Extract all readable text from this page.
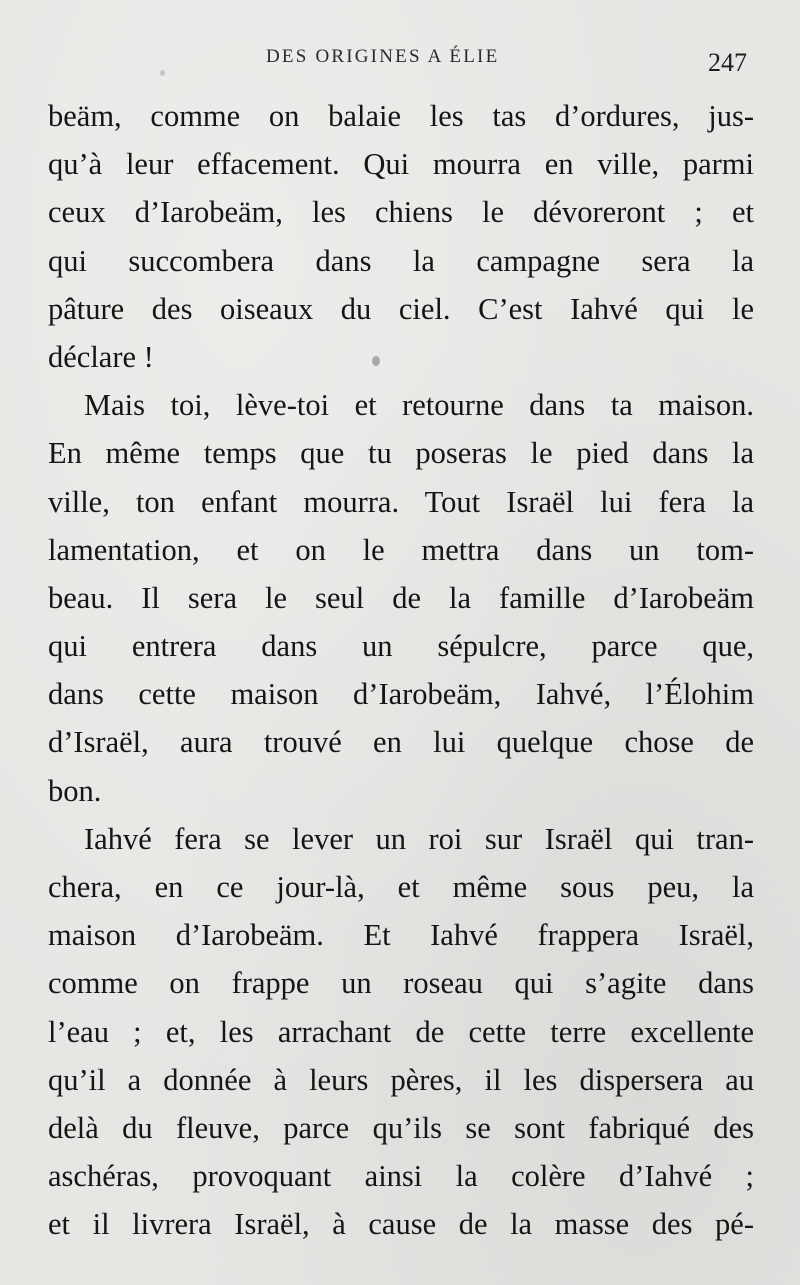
DES ORIGINES A ÉLIE	247
beäm, comme on balaie les tas d’ordures, jus-
qu’à leur effacement. Qui mourra en ville, parmi
ceux d’Iarobeäm, les chiens le dévoreront ; et
qui succombera dans la campagne sera la
pâture des oiseaux du ciel. C’est Iahvé qui le
déclare !
Mais toi, lève-toi et retourne dans ta maison.
En même temps que tu poseras le pied dans la
ville, ton enfant mourra. Tout Israël lui fera la
lamentation, et on le mettra dans un tom-
beau. Il sera le seul de la famille d’Iarobeäm
qui entrera dans un sépulcre, parce que,
dans cette maison d’Iarobeäm, Iahvé, l’Élohim
d’Israël, aura trouvé en lui quelque chose de
bon.
Iahvé fera se lever un roi sur Israël qui tran-
chera, en ce jour-là, et même sous peu, la
maison d’Iarobeäm. Et Iahvé frappera Israël,
comme on frappe un roseau qui s’agite dans
l’eau ; et, les arrachant de cette terre excellente
qu’il a donnée à leurs pères, il les dispersera au
delà du fleuve, parce qu’ils se sont fabriqué des
aschéras, provoquant ainsi la colère d’Iahvé ;
et il livrera Israël, à cause de la masse des pé-
